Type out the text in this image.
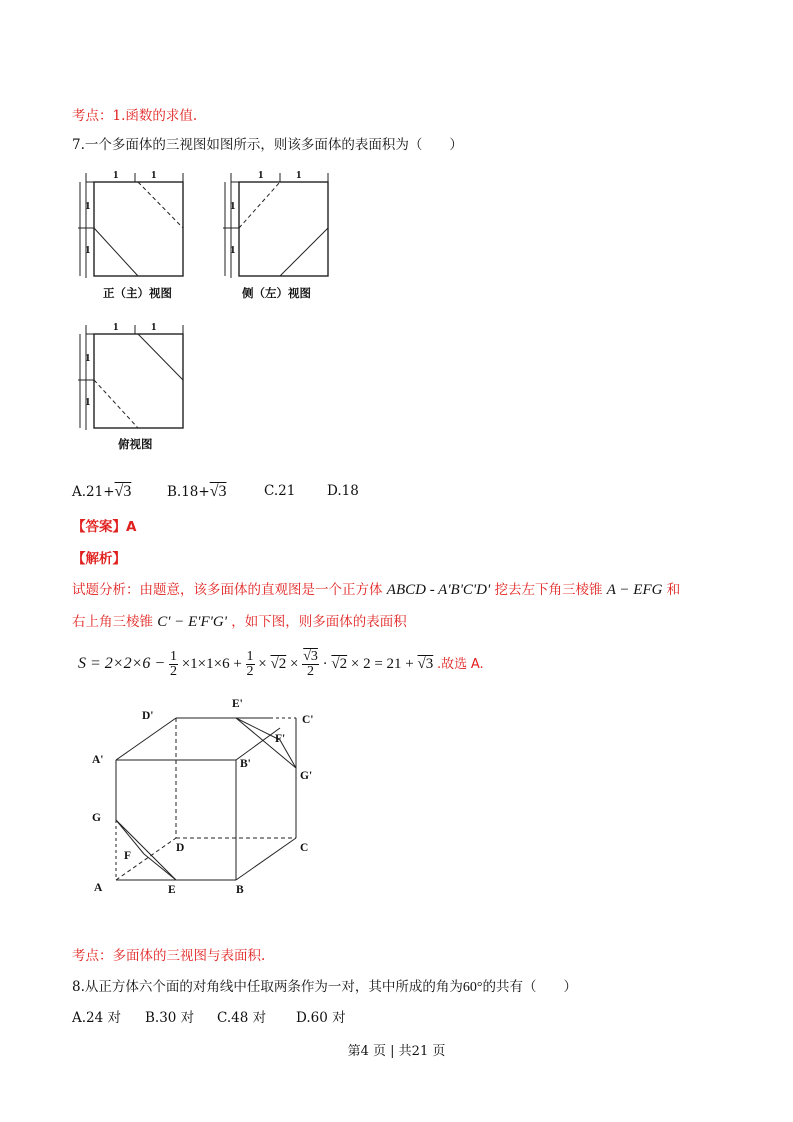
考点：1.函数的求值.
7.一个多面体的三视图如图所示，则该多面体的表面积为（　　）
1	1
1
1
正（主）视图
1	1
1
1
侧（左）视图
1	1
1
1
俯视图
A.21+√3	B.18+√3	C.21 D.18
【答案】A
【解析】
试题分析：由题意，该多面体的直观图是一个正方体 ABCD - A'B'C'D' 挖去左下角三棱锥 A − EFG 和
右上角三棱锥 C' − E'F'G' ，如下图，则多面体的表面积
$S = 2\times 2\times 6 - \frac{1}{2} \times 1\times 1\times 6 + \frac{1}{2} \times √2 \times \frac{√3}{2} \cdot √2 \times 2 = 21 + √3$ .故选 A.
D'
E'
C'
F'
A'	B'
G'
G
D	C
F
A	E	B
考点：多面体的三视图与表面积.
8.从正方体六个面的对角线中任取两条作为一对，其中所成的角为60°的共有（　　）
A.24 对 B.30 对 C.48 对 D.60 对
第4 页 | 共21 页
